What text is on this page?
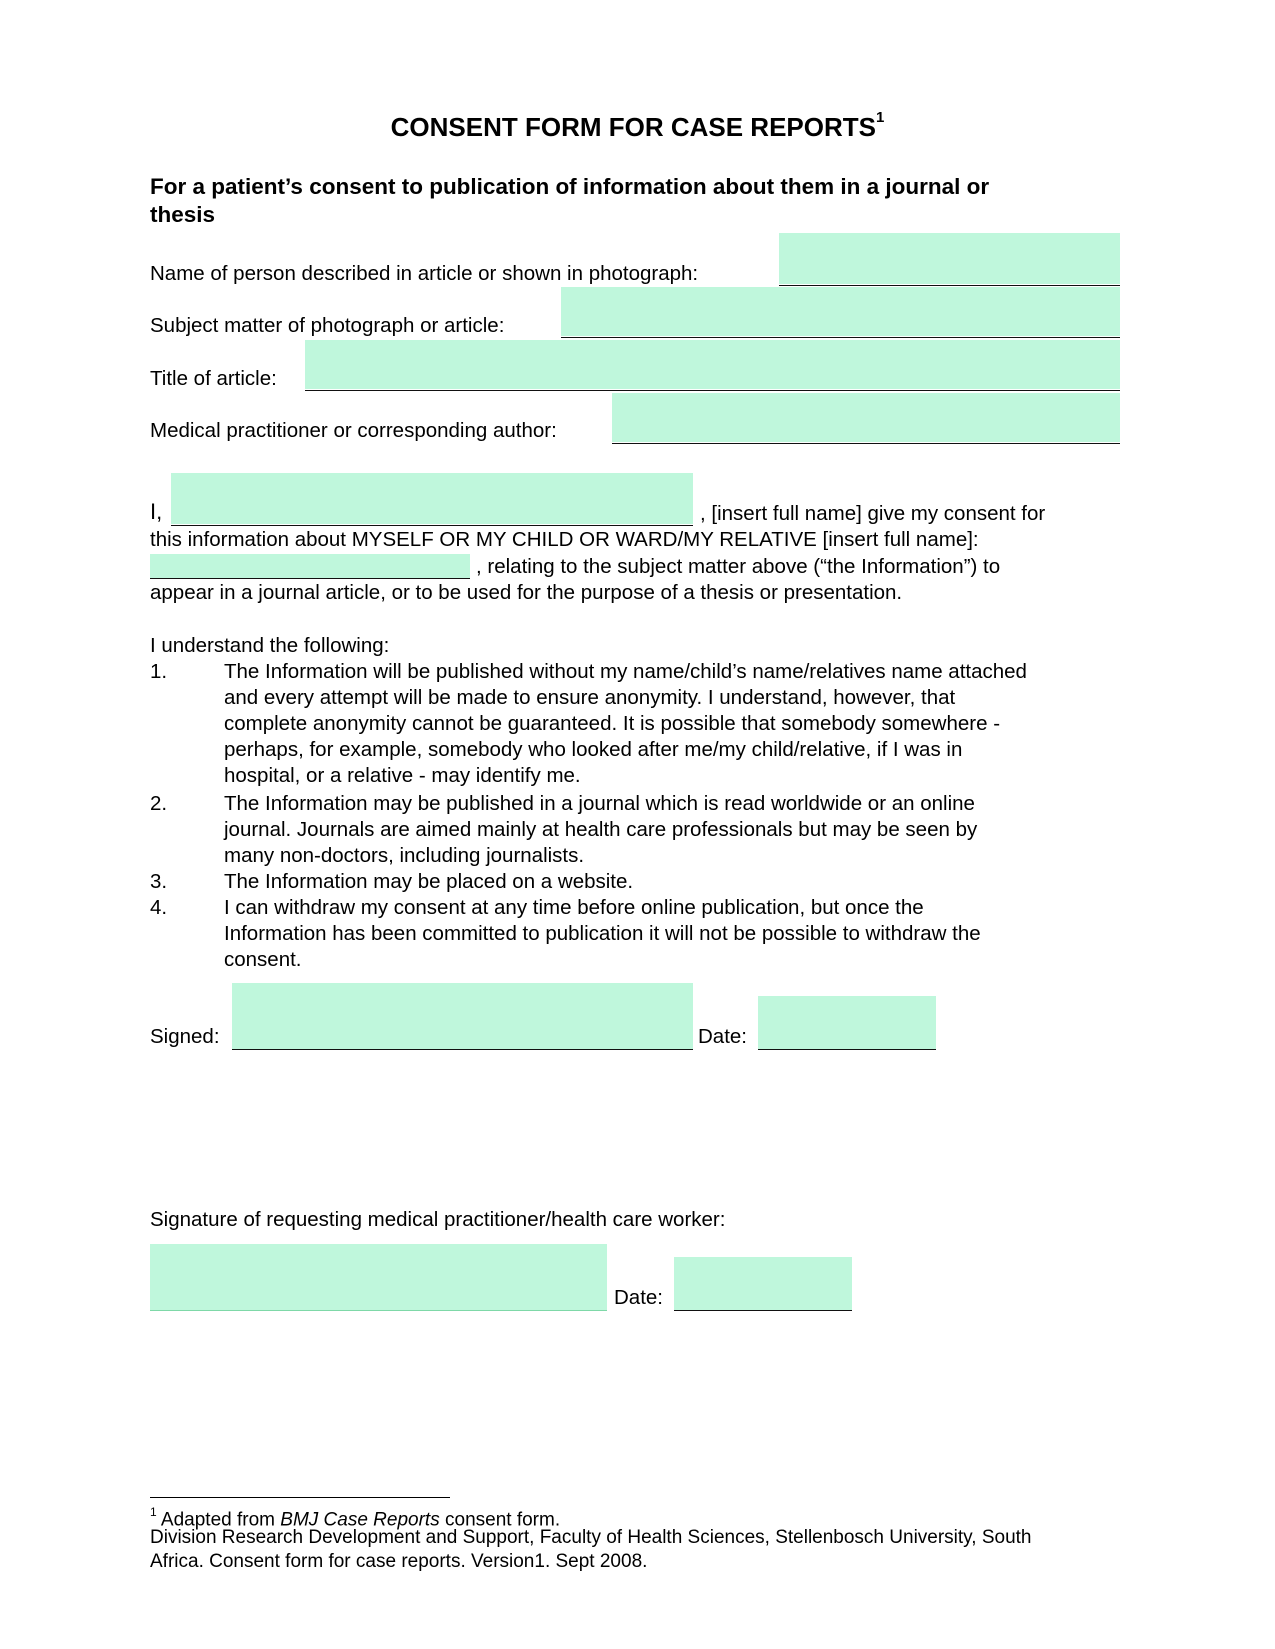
CONSENT FORM FOR CASE REPORTS$^1$
For a patient’s consent to publication of information about them in a journal or
thesis
Name of person described in article or shown in photograph:
Subject matter of photograph or article:
Title of article:
Medical practitioner or corresponding author:
I,	, [insert full name] give my consent for
this information about MYSELF OR MY CHILD OR WARD/MY RELATIVE [insert full name]:
, relating to the subject matter above (“the Information”) to
appear in a journal article, or to be used for the purpose of a thesis or presentation.
I understand the following:
1.	The Information will be published without my name/child’s name/relatives name attached
and every attempt will be made to ensure anonymity. I understand, however, that
complete anonymity cannot be guaranteed. It is possible that somebody somewhere -
perhaps, for example, somebody who looked after me/my child/relative, if I was in
hospital, or a relative - may identify me.
2.	The Information may be published in a journal which is read worldwide or an online
journal. Journals are aimed mainly at health care professionals but may be seen by
many non-doctors, including journalists.
3.	The Information may be placed on a website.
4.	I can withdraw my consent at any time before online publication, but once the
Information has been committed to publication it will not be possible to withdraw the
consent.
Signed:	Date:
Signature of requesting medical practitioner/health care worker:
Date:
$^1$ Adapted from BMJ Case Reports consent form.
Division Research Development and Support, Faculty of Health Sciences, Stellenbosch University, South
Africa. Consent form for case reports. Version1. Sept 2008.
